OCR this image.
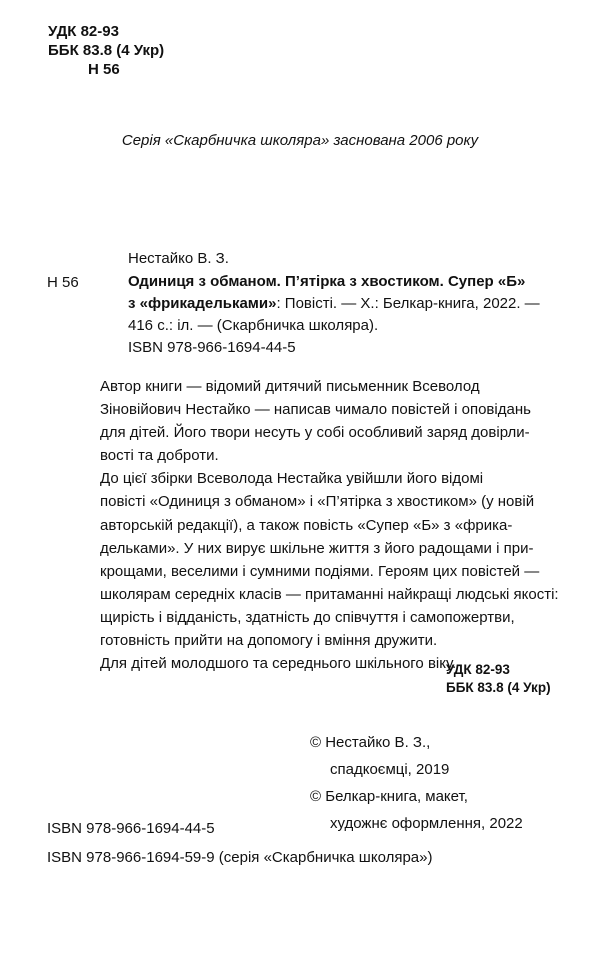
УДК 82-93
ББК 83.8 (4 Укр)
Н 56
Серія «Скарбничка школяра» заснована 2006 року
Нестайко В. З.
Н 56	Одиниця з обманом. П’ятірка з хвостиком. Супер «Б»
з «фрикадельками»: Повісті. — Х.: Белкар-книга, 2022. —
416 с.: іл. — (Скарбничка школяра).
ISBN 978-966-1694-44-5
Автор книги — відомий дитячий письменник Всеволод
Зіновійович Нестайко — написав чимало повістей і оповідань
для дітей. Його твори несуть у собі особливий заряд довірли-
вості та доброти.
До цієї збірки Всеволода Нестайка увійшли його відомі
повісті «Одиниця з обманом» і «П’ятірка з хвостиком» (у новій
авторській редакції), а також повість «Супер «Б» з «фрика-
дельками». У них вирує шкільне життя з його радощами і при-
крощами, веселими і сумними подіями. Героям цих повістей —
школярам середніх класів — притаманні найкращі людські якості:
щирість і відданість, здатність до співчуття і самопожертви,
готовність прийти на допомогу і вміння дружити.
Для дітей молодшого та середнього шкільного віку.
УДК 82-93
ББК 83.8 (4 Укр)
© Нестайко В. З.,
спадкоємці, 2019
© Белкар-книга, макет,
художнє оформлення, 2022
ISBN 978-966-1694-44-5
ISBN 978-966-1694-59-9 (серія «Скарбничка школяра»)
